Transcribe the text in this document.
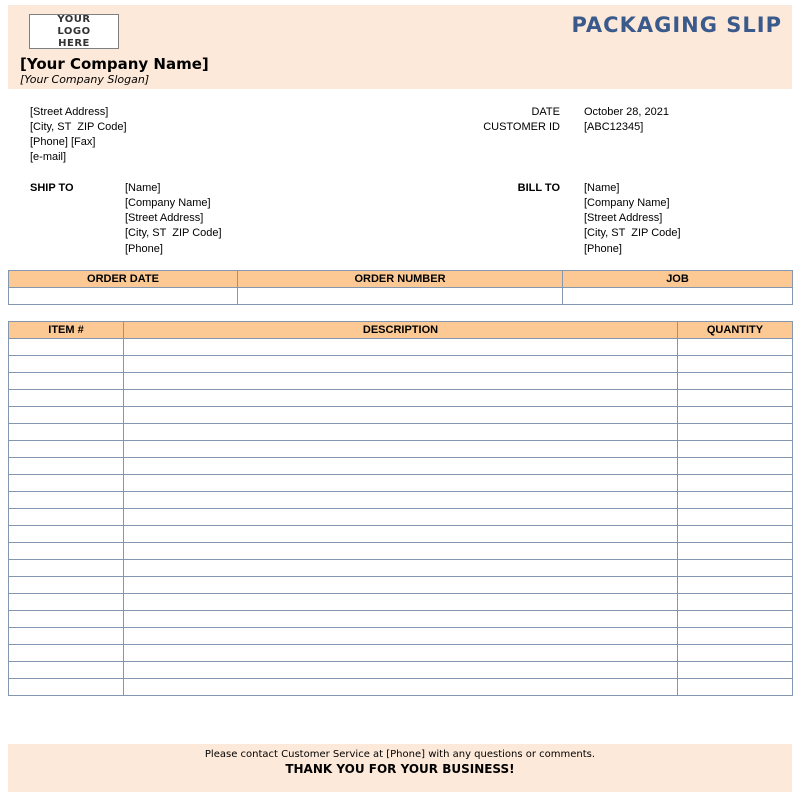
YOUR LOGO HERE
PACKAGING SLIP
[Your Company Name]
[Your Company Slogan]
[Street Address]
[City, ST  ZIP Code]
[Phone] [Fax]
[e-mail]
DATE October 28, 2021
CUSTOMER ID [ABC12345]
SHIP TO	[Name]
[Company Name]
[Street Address]
[City, ST  ZIP Code]
[Phone]
BILL TO [Name]
[Company Name]
[Street Address]
[City, ST  ZIP Code]
[Phone]
ORDER DATE	ORDER NUMBER	JOB

ITEM #	DESCRIPTION	QUANTITY

Please contact Customer Service at [Phone] with any questions or comments.
THANK YOU FOR YOUR BUSINESS!
